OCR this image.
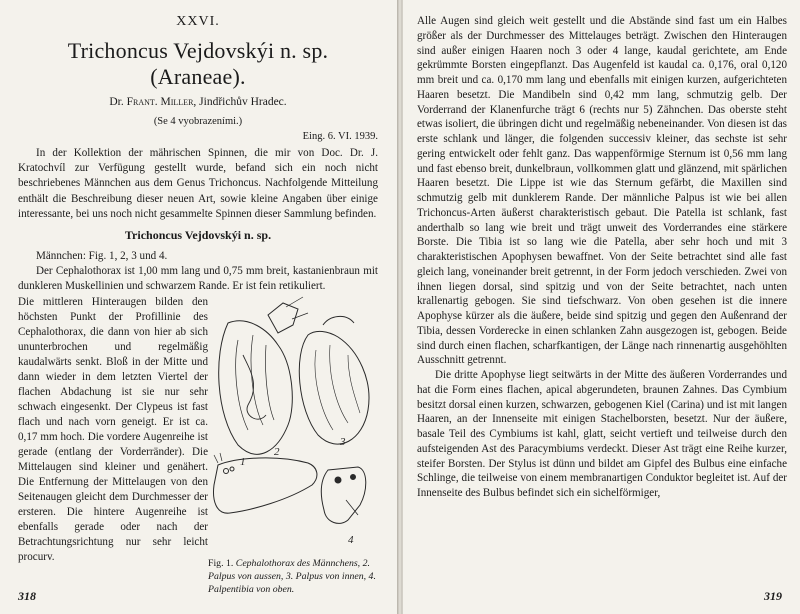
XXVI.
Trichoncus Vejdovskýi n. sp. (Araneae).
Dr. Frant. Miller, Jindřichův Hradec.
(Se 4 vyobrazeními.)
Eing. 6. VI. 1939.

In der Kollektion der mährischen Spinnen, die mir von Doc. Dr. J. Kratochvíl zur Verfügung gestellt wurde, befand sich ein noch nicht beschriebenes Männchen aus dem Genus Trichoncus. Nachfolgende Mitteilung enthält die Beschreibung dieser neuen Art, sowie kleine Angaben über einige interessante, bei uns noch nicht gesammelte Spinnen dieser Sammlung befinden.

Trichoncus Vejdovskýi n. sp.

Männchen: Fig. 1, 2, 3 und 4.

Der Cephalothorax ist 1,00 mm lang und 0,75 mm breit, kastanienbraun mit dunkleren Muskellinien und schwarzem Rande. Er ist fein retikuliert.

Die mittleren Hinteraugen bilden den höchsten Punkt der Profillinie des Cephalothorax, die dann von hier ab sich ununterbrochen und regelmäßig kaudalwärts senkt. Bloß in der Mitte und dann wieder in dem letzten Viertel der flachen Abdachung ist sie nur sehr schwach eingesenkt. Der Clypeus ist fast flach und nach vorn geneigt. Er ist ca. 0,17 mm hoch. Die vordere Augenreihe ist gerade (entlang der Vorderränder). Die Mittelaugen sind kleiner und genähert. Die Entfernung der Mittelaugen von den Seitenaugen gleicht dem Durchmesser der ersteren. Die hintere Augenreihe ist ebenfalls gerade oder nach der Betrachtungsrichtung nur sehr leicht procurv.

1
2
3
4
Fig. 1. Cephalothorax des Männchens, 2. Palpus von aussen, 3. Palpus von innen, 4. Palpentibia von oben.
318

Alle Augen sind gleich weit gestellt und die Abstände sind fast um ein Halbes größer als der Durchmesser des Mittelauges beträgt. Zwischen den Hinteraugen sind außer einigen Haaren noch 3 oder 4 lange, kaudal gerichtete, am Ende gekrümmte Borsten eingepflanzt. Das Augenfeld ist kaudal ca. 0,176, oral 0,120 mm breit und ca. 0,170 mm lang und ebenfalls mit einigen kurzen, aufgerichteten Haaren besetzt. Die Mandibeln sind 0,42 mm lang, schmutzig gelb. Der Vorderrand der Klanenfurche trägt 6 (rechts nur 5) Zähnchen. Das oberste steht etwas isoliert, die übringen dicht und regelmäßig nebeneinander. Von diesen ist das erste schlank und länger, die folgenden successiv kleiner, das sechste ist sehr gering entwickelt oder fehlt ganz. Das wappenförmige Sternum ist 0,56 mm lang und fast ebenso breit, dunkelbraun, vollkommen glatt und glänzend, mit spärlichen Haaren besetzt. Die Lippe ist wie das Sternum gefärbt, die Maxillen sind schmutzig gelb mit dunklerem Rande. Der männliche Palpus ist wie bei allen Trichoncus-Arten äußerst charakteristisch gebaut. Die Patella ist schlank, fast anderthalb so lang wie breit und trägt unweit des Vorderrandes eine stärkere Borste. Die Tibia ist so lang wie die Patella, aber sehr hoch und mit 3 charakteristischen Apophysen bewaffnet. Von der Seite betrachtet sind alle fast gleich lang, voneinander breit getrennt, in der Form jedoch verschieden. Zwei von ihnen liegen dorsal, sind spitzig und von der Seite betrachtet, nach unten krallenartig gebogen. Sie sind tiefschwarz. Von oben gesehen ist die innere Apophyse kürzer als die äußere, beide sind spitzig und gegen den Außenrand der Tibia, dessen Vorderecke in einen schlanken Zahn ausgezogen ist, gebogen. Beide sind durch einen flachen, scharfkantigen, der Länge nach rinnenartig ausgehöhlten Ausschnitt getrennt.

Die dritte Apophyse liegt seitwärts in der Mitte des äußeren Vorderrandes und hat die Form eines flachen, apical abgerundeten, braunen Zahnes. Das Cymbium besitzt dorsal einen kurzen, schwarzen, gebogenen Kiel (Carina) und ist mit langen Haaren, an der Innenseite mit einigen Stachelborsten, besetzt. Nur der äußere, basale Teil des Cymbiums ist kahl, glatt, seicht vertieft und teilweise durch den aufsteigenden Ast des Paracymbiums verdeckt. Dieser Ast trägt eine Reihe kurzer, steifer Borsten. Der Stylus ist dünn und bildet am Gipfel des Bulbus eine einfache Schlinge, die teilweise von einem membranartigen Conduktor begleitet ist. Auf der Innenseite des Bulbus befindet sich ein sichelförmiger,

319
